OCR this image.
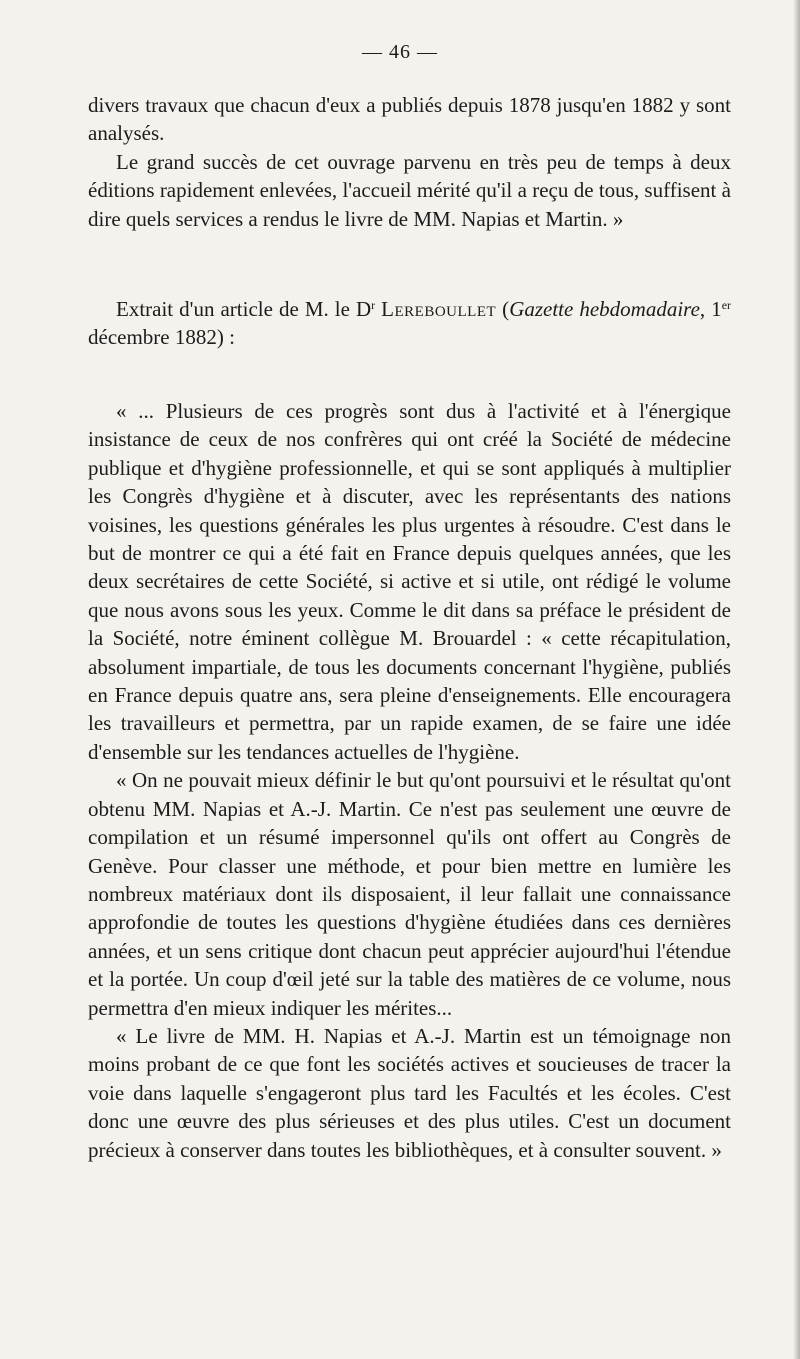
— 46 —

divers travaux que chacun d'eux a publiés depuis 1878 jusqu'en 1882 y sont analysés.

Le grand succès de cet ouvrage parvenu en très peu de temps à deux éditions rapidement enlevées, l'accueil mérité qu'il a reçu de tous, suffisent à dire quels services a rendus le livre de MM. Napias et Martin. »

Extrait d'un article de M. le $D^r$ Lereboullet (Gazette hebdomadaire, 1er décembre 1882) :

« ... Plusieurs de ces progrès sont dus à l'activité et à l'énergique insistance de ceux de nos confrères qui ont créé la Société de médecine publique et d'hygiène professionnelle, et qui se sont appliqués à multiplier les Congrès d'hygiène et à discuter, avec les représentants des nations voisines, les questions générales les plus urgentes à résoudre. C'est dans le but de montrer ce qui a été fait en France depuis quelques années, que les deux secrétaires de cette Société, si active et si utile, ont rédigé le volume que nous avons sous les yeux. Comme le dit dans sa préface le président de la Société, notre éminent collègue M. Brouardel : « cette récapitulation, absolument impartiale, de tous les documents concernant l'hygiène, publiés en France depuis quatre ans, sera pleine d'enseignements. Elle encouragera les travailleurs et permettra, par un rapide examen, de se faire une idée d'ensemble sur les tendances actuelles de l'hygiène.

« On ne pouvait mieux définir le but qu'ont poursuivi et le résultat qu'ont obtenu MM. Napias et A.-J. Martin. Ce n'est pas seulement une œuvre de compilation et un résumé impersonnel qu'ils ont offert au Congrès de Genève. Pour classer une méthode, et pour bien mettre en lumière les nombreux matériaux dont ils disposaient, il leur fallait une connaissance approfondie de toutes les questions d'hygiène étudiées dans ces dernières années, et un sens critique dont chacun peut apprécier aujourd'hui l'étendue et la portée. Un coup d'œil jeté sur la table des matières de ce volume, nous permettra d'en mieux indiquer les mérites...

« Le livre de MM. H. Napias et A.-J. Martin est un témoignage non moins probant de ce que font les sociétés actives et soucieuses de tracer la voie dans laquelle s'engageront plus tard les Facultés et les écoles. C'est donc une œuvre des plus sérieuses et des plus utiles. C'est un document précieux à conserver dans toutes les bibliothèques, et à consulter souvent. »
